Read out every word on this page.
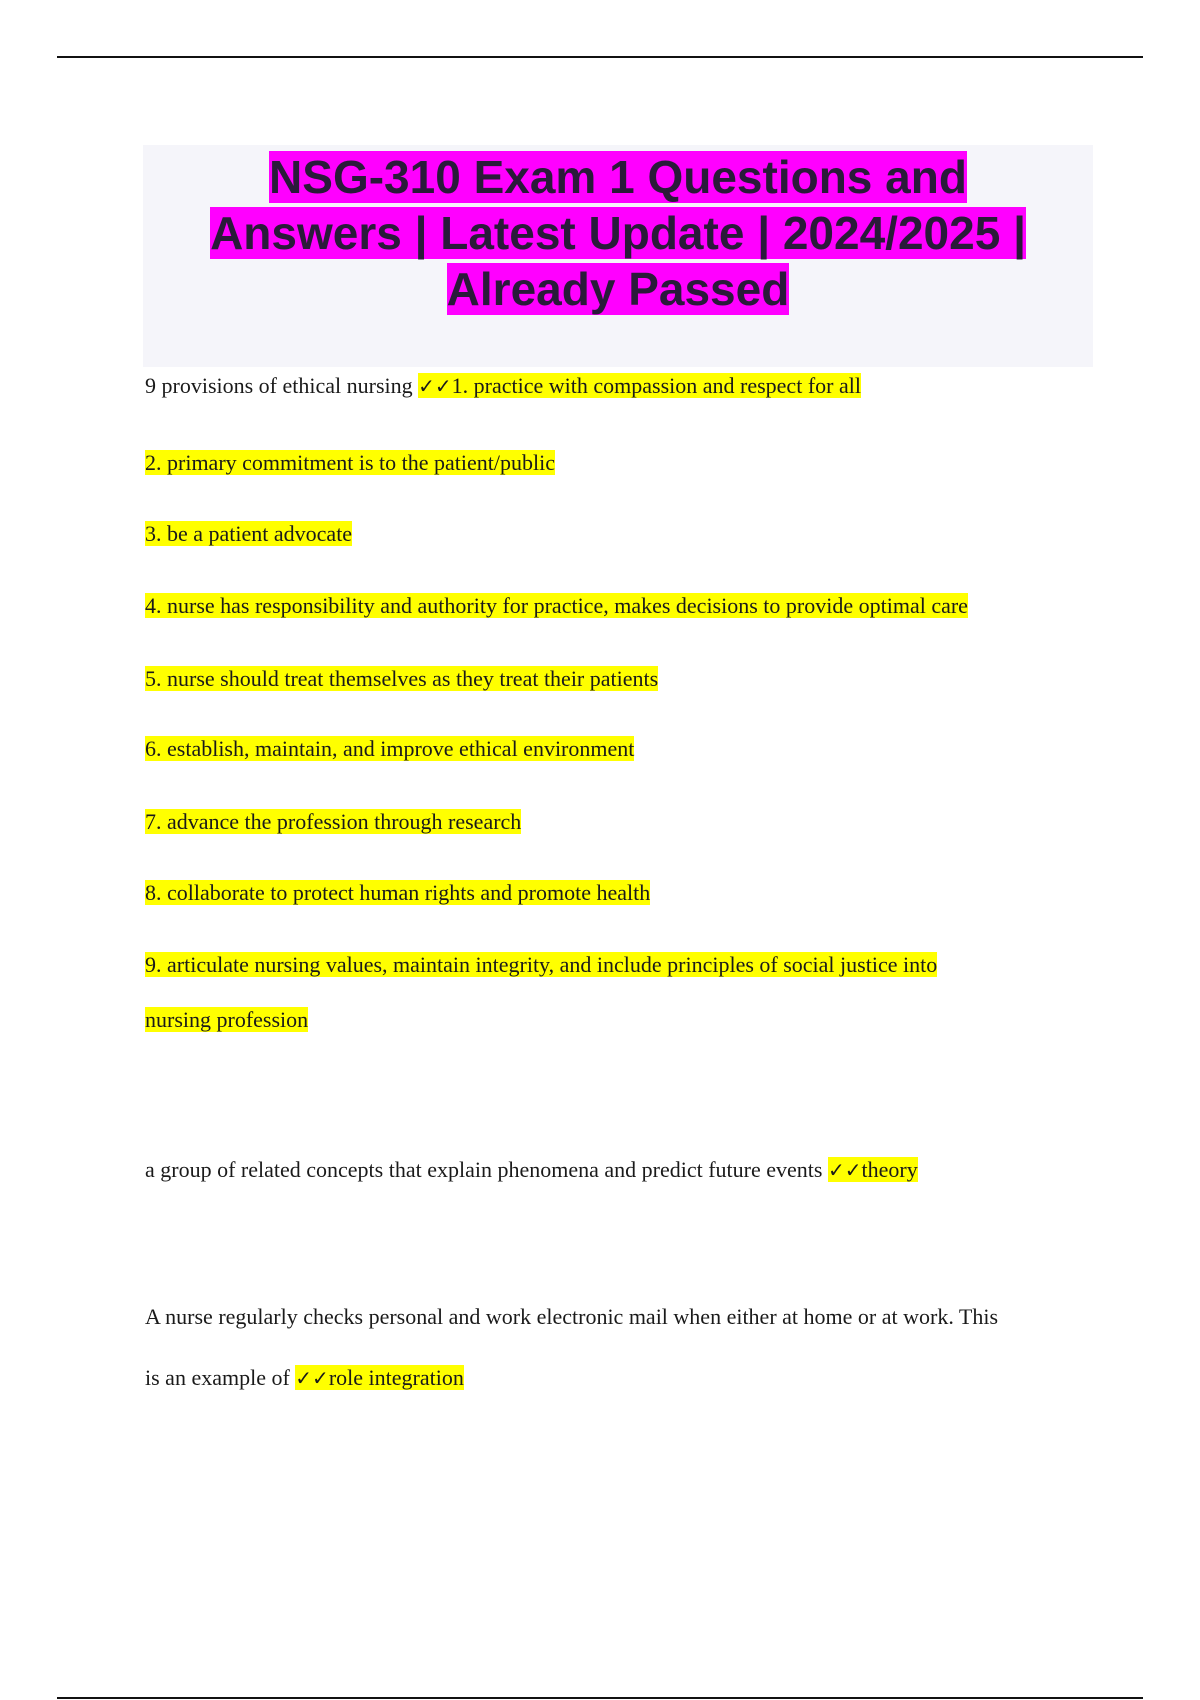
NSG-310 Exam 1 Questions and
Answers | Latest Update | 2024/2025 |
Already Passed

9 provisions of ethical nursing ✓✓1. practice with compassion and respect for all

2. primary commitment is to the patient/public

3. be a patient advocate

4. nurse has responsibility and authority for practice, makes decisions to provide optimal care

5. nurse should treat themselves as they treat their patients

6. establish, maintain, and improve ethical environment

7. advance the profession through research

8. collaborate to protect human rights and promote health

9. articulate nursing values, maintain integrity, and include principles of social justice into

nursing profession

a group of related concepts that explain phenomena and predict future events ✓✓theory

A nurse regularly checks personal and work electronic mail when either at home or at work. This

is an example of ✓✓role integration
